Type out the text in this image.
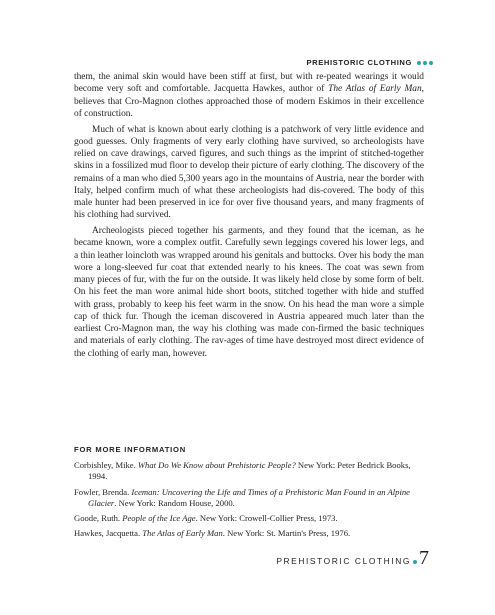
PREHISTORIC CLOTHING

them, the animal skin would have been stiff at first, but with re-peated wearings it would become very soft and comfortable. Jacquetta Hawkes, author of The Atlas of Early Man, believes that Cro-Magnon clothes approached those of modern Eskimos in their excellence of construction.

Much of what is known about early clothing is a patchwork of very little evidence and good guesses. Only fragments of very early clothing have survived, so archeologists have relied on cave drawings, carved figures, and such things as the imprint of stitched-together skins in a fossilized mud floor to develop their picture of early clothing. The discovery of the remains of a man who died 5,300 years ago in the mountains of Austria, near the border with Italy, helped confirm much of what these archeologists had dis-covered. The body of this male hunter had been preserved in ice for over five thousand years, and many fragments of his clothing had survived.

Archeologists pieced together his garments, and they found that the iceman, as he became known, wore a complex outfit. Carefully sewn leggings covered his lower legs, and a thin leather loincloth was wrapped around his genitals and buttocks. Over his body the man wore a long-sleeved fur coat that extended nearly to his knees. The coat was sewn from many pieces of fur, with the fur on the outside. It was likely held close by some form of belt. On his feet the man wore animal hide short boots, stitched together with hide and stuffed with grass, probably to keep his feet warm in the snow. On his head the man wore a simple cap of thick fur. Though the iceman discovered in Austria appeared much later than the earliest Cro-Magnon man, the way his clothing was made con-firmed the basic techniques and materials of early clothing. The rav-ages of time have destroyed most direct evidence of the clothing of early man, however.

FOR MORE INFORMATION
Corbishley, Mike. What Do We Know about Prehistoric People? New York: Peter Bedrick Books, 1994.
Fowler, Brenda. Iceman: Uncovering the Life and Times of a Prehistoric Man Found in an Alpine Glacier. New York: Random House, 2000.
Goode, Ruth. People of the Ice Age. New York: Crowell-Collier Press, 1973.
Hawkes, Jacquetta. The Atlas of Early Man. New York: St. Martin's Press, 1976.
PREHISTORIC CLOTHING 7
